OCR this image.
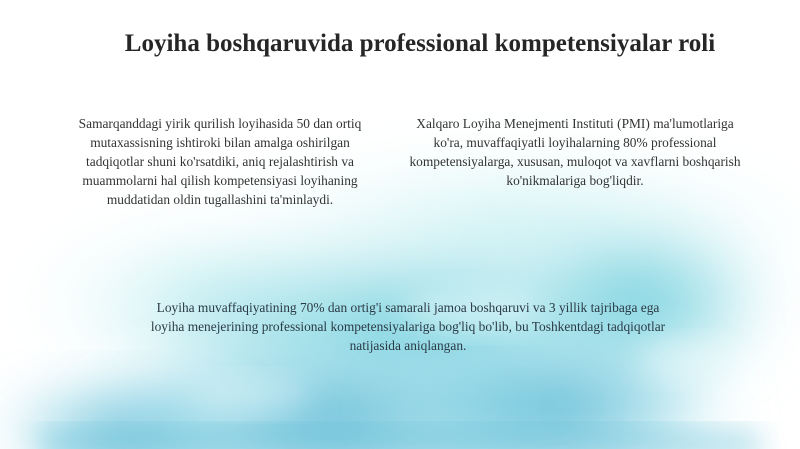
Loyiha boshqaruvida professional kompetensiyalar roli

Samarqanddagi yirik qurilish loyihasida 50 dan ortiq mutaxassisning ishtiroki bilan amalga oshirilgan tadqiqotlar shuni ko'rsatdiki, aniq rejalashtirish va muammolarni hal qilish kompetensiyasi loyihaning muddatidan oldin tugallashini ta'minlaydi.

Xalqaro Loyiha Menejmenti Instituti (PMI) ma'lumotlariga ko'ra, muvaffaqiyatli loyihalarning 80% professional kompetensiyalarga, xususan, muloqot va xavflarni boshqarish ko'nikmalariga bog'liqdir.

Loyiha muvaffaqiyatining 70% dan ortig'i samarali jamoa boshqaruvi va 3 yillik tajribaga ega loyiha menejerining professional kompetensiyalariga bog'liq bo'lib, bu Toshkentdagi tadqiqotlar natijasida aniqlangan.
